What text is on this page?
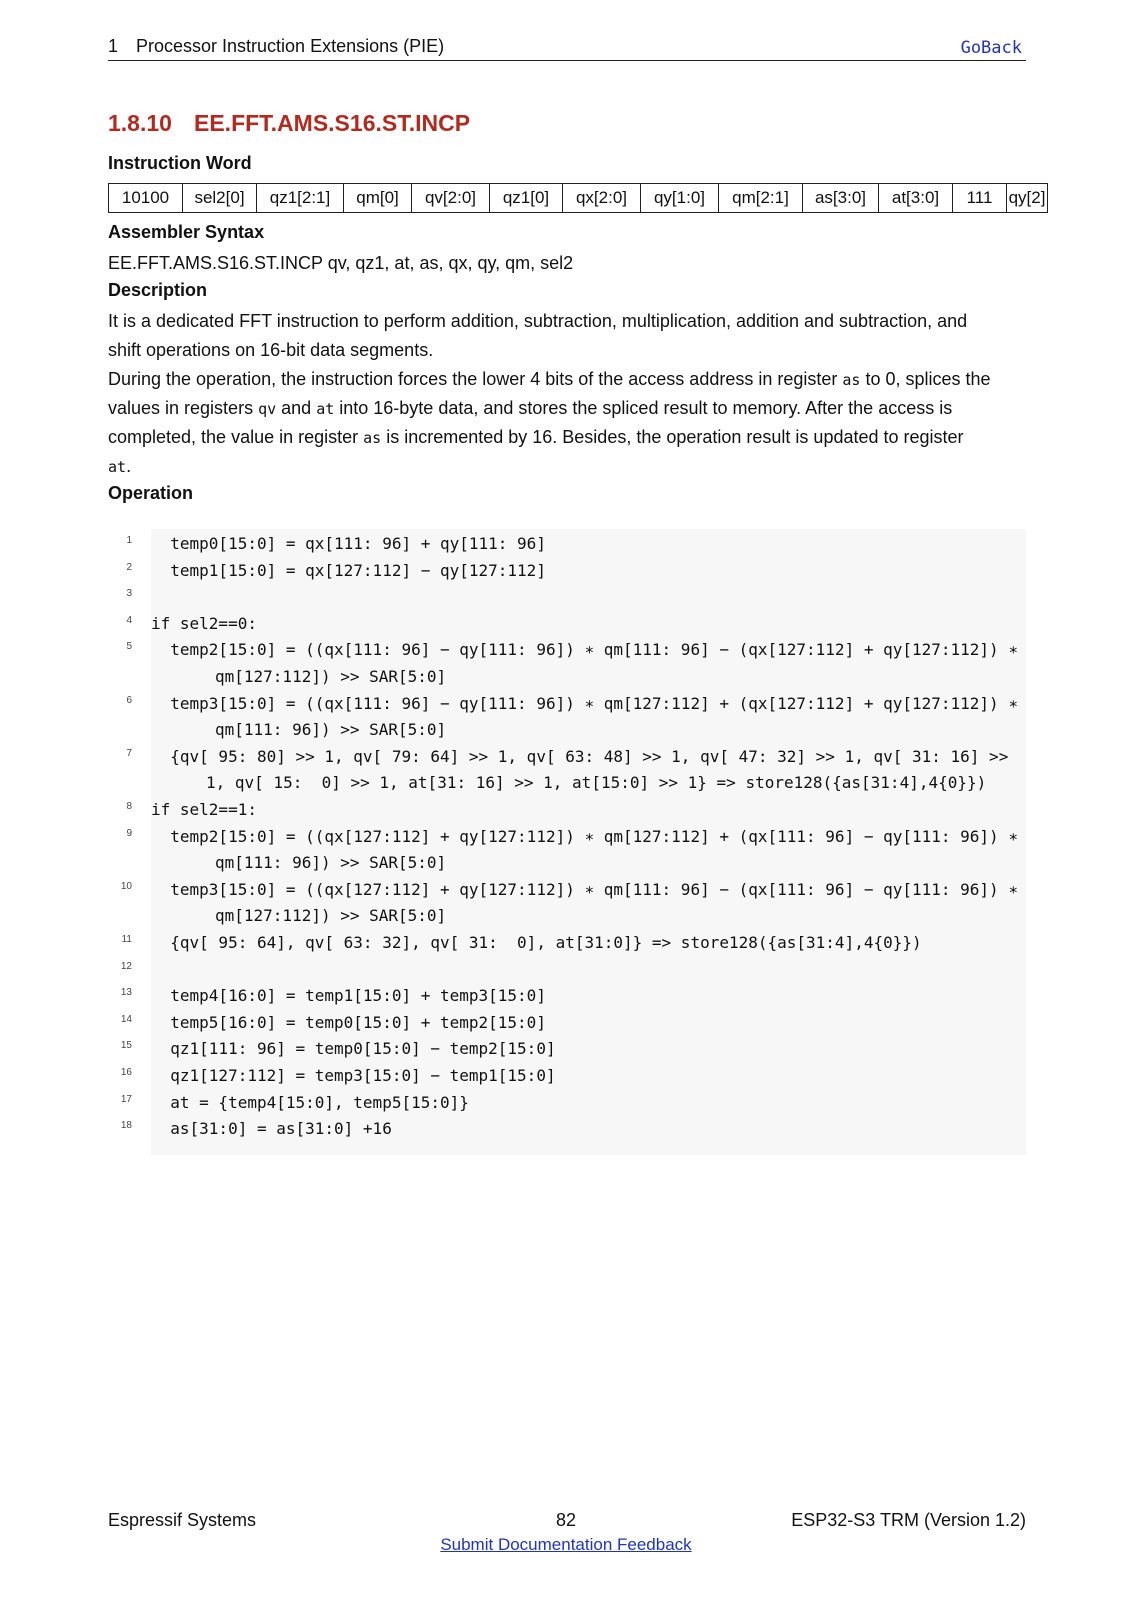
1 Processor Instruction Extensions (PIE)	GoBack
1.8.10 EE.FFT.AMS.S16.ST.INCP
Instruction Word
10100	sel2[0]	qz1[2:1]	qm[0]	qv[2:0]	qz1[0]	qx[2:0]	qy[1:0]	qm[2:1]	as[3:0]	at[3:0]	111	qy[2]
Assembler Syntax
EE.FFT.AMS.S16.ST.INCP qv, qz1, at, as, qx, qy, qm, sel2
Description
It is a dedicated FFT instruction to perform addition, subtraction, multiplication, addition and subtraction, and
shift operations on 16-bit data segments.
During the operation, the instruction forces the lower 4 bits of the access address in register as to 0, splices the
values in registers qv and at into 16-byte data, and stores the spliced result to memory. After the access is
completed, the value in register as is incremented by 16. Besides, the operation result is updated to register
at.
Operation
temp0[15:0] = qx[111: 96] + qy[111: 96]
temp1[15:0] = qx[127:112] − qy[127:112]
if sel2==0:
temp2[15:0] = ((qx[111: 96] − qy[111: 96]) ∗ qm[111: 96] − (qx[127:112] + qy[127:112]) ∗
qm[127:112]) >> SAR[5:0]
temp3[15:0] = ((qx[111: 96] − qy[111: 96]) ∗ qm[127:112] + (qx[127:112] + qy[127:112]) ∗
qm[111: 96]) >> SAR[5:0]
{qv[ 95: 80] >> 1, qv[ 79: 64] >> 1, qv[ 63: 48] >> 1, qv[ 47: 32] >> 1, qv[ 31: 16] >>
1, qv[ 15:  0] >> 1, at[31: 16] >> 1, at[15:0] >> 1} => store128({as[31:4],4{0}})
if sel2==1:
temp2[15:0] = ((qx[127:112] + qy[127:112]) ∗ qm[127:112] + (qx[111: 96] − qy[111: 96]) ∗
qm[111: 96]) >> SAR[5:0]
temp3[15:0] = ((qx[127:112] + qy[127:112]) ∗ qm[111: 96] − (qx[111: 96] − qy[111: 96]) ∗
qm[127:112]) >> SAR[5:0]
{qv[ 95: 64], qv[ 63: 32], qv[ 31:  0], at[31:0]} => store128({as[31:4],4{0}})
temp4[16:0] = temp1[15:0] + temp3[15:0]
temp5[16:0] = temp0[15:0] + temp2[15:0]
qz1[111: 96] = temp0[15:0] − temp2[15:0]
qz1[127:112] = temp3[15:0] − temp1[15:0]
at = {temp4[15:0], temp5[15:0]}
as[31:0] = as[31:0] +16
Espressif Systems	82	ESP32-S3 TRM (Version 1.2)
Submit Documentation Feedback
1
2
3
4
5
6
7
8
9
10
11
12
13
14
15
16
17
18
